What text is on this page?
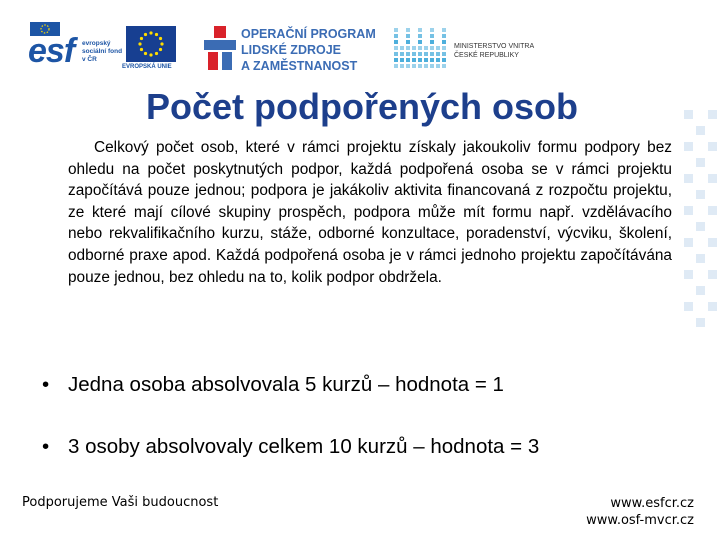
esf evropský sociální fond v ČR
EVROPSKÁ UNIE
OPERAČNÍ PROGRAM
LIDSKÉ ZDROJE
A ZAMĚSTNANOST
MINISTERSTVO VNITRA
ČESKÉ REPUBLIKY
Počet podpořených osob

Celkový počet osob, které v rámci projektu získaly jakoukoliv formu podpory bez ohledu na počet poskytnutých podpor, každá podpořená osoba se v rámci projektu započítává pouze jednou; podpora je jakákoliv aktivita financovaná z rozpočtu projektu, ze které mají cílové skupiny prospěch, podpora může mít formu např. vzdělávacího nebo rekvalifikačního kurzu, stáže, odborné konzultace, poradenství, výcviku, školení, odborné praxe apod. Každá podpořená osoba je v rámci jednoho projektu započítávána pouze jednou, bez ohledu na to, kolik podpor obdržela.

• Jedna osoba absolvovala 5 kurzů – hodnota = 1
• 3 osoby absolvovaly celkem 10 kurzů – hodnota = 3
Podporujeme Vaši budoucnost	www.esfcr.cz
www.osf-mvcr.cz
